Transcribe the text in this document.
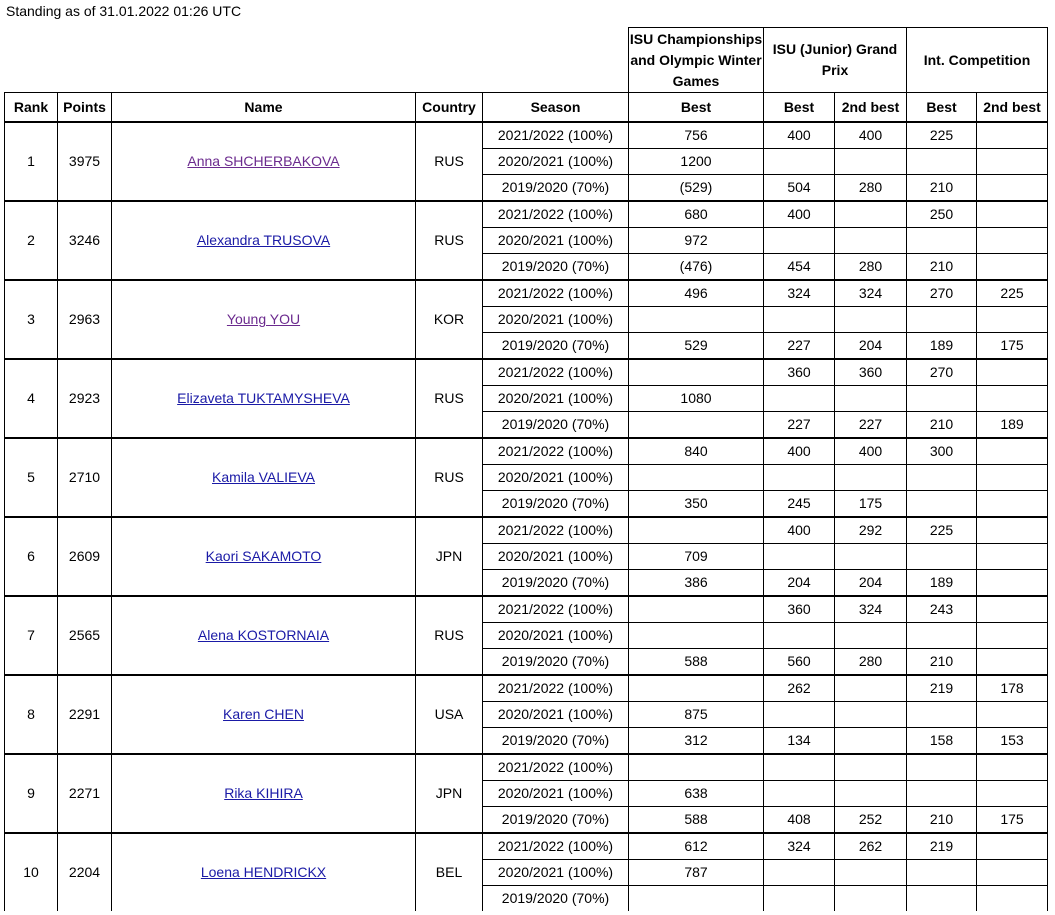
Standing as of 31.01.2022 01:26 UTC
					ISU Championships and Olympic Winter Games	ISU (Junior) Grand Prix		Int. Competition	
Rank	Points	Name	Country	Season	Best	Best	2nd best	Best	2nd best
1	3975	Anna SHCHERBAKOVA	RUS	2021/2022 (100%)	756	400	400	225	
				2020/2021 (100%)	1200				
				2019/2020 (70%)	(529)	504	280	210	
2	3246	Alexandra TRUSOVA	RUS	2021/2022 (100%)	680	400		250	
				2020/2021 (100%)	972				
				2019/2020 (70%)	(476)	454	280	210	
3	2963	Young YOU	KOR	2021/2022 (100%)	496	324	324	270	225
				2020/2021 (100%)					
				2019/2020 (70%)	529	227	204	189	175
4	2923	Elizaveta TUKTAMYSHEVA	RUS	2021/2022 (100%)		360	360	270	
				2020/2021 (100%)	1080				
				2019/2020 (70%)		227	227	210	189
5	2710	Kamila VALIEVA	RUS	2021/2022 (100%)	840	400	400	300	
				2020/2021 (100%)					
				2019/2020 (70%)	350	245	175		
6	2609	Kaori SAKAMOTO	JPN	2021/2022 (100%)		400	292	225	
				2020/2021 (100%)	709				
				2019/2020 (70%)	386	204	204	189	
7	2565	Alena KOSTORNAIA	RUS	2021/2022 (100%)		360	324	243	
				2020/2021 (100%)					
				2019/2020 (70%)	588	560	280	210	
8	2291	Karen CHEN	USA	2021/2022 (100%)		262		219	178
				2020/2021 (100%)	875				
				2019/2020 (70%)	312	134		158	153
9	2271	Rika KIHIRA	JPN	2021/2022 (100%)					
				2020/2021 (100%)	638				
				2019/2020 (70%)	588	408	252	210	175
10	2204	Loena HENDRICKX	BEL	2021/2022 (100%)	612	324	262	219	
				2020/2021 (100%)	787				
				2019/2020 (70%)					
